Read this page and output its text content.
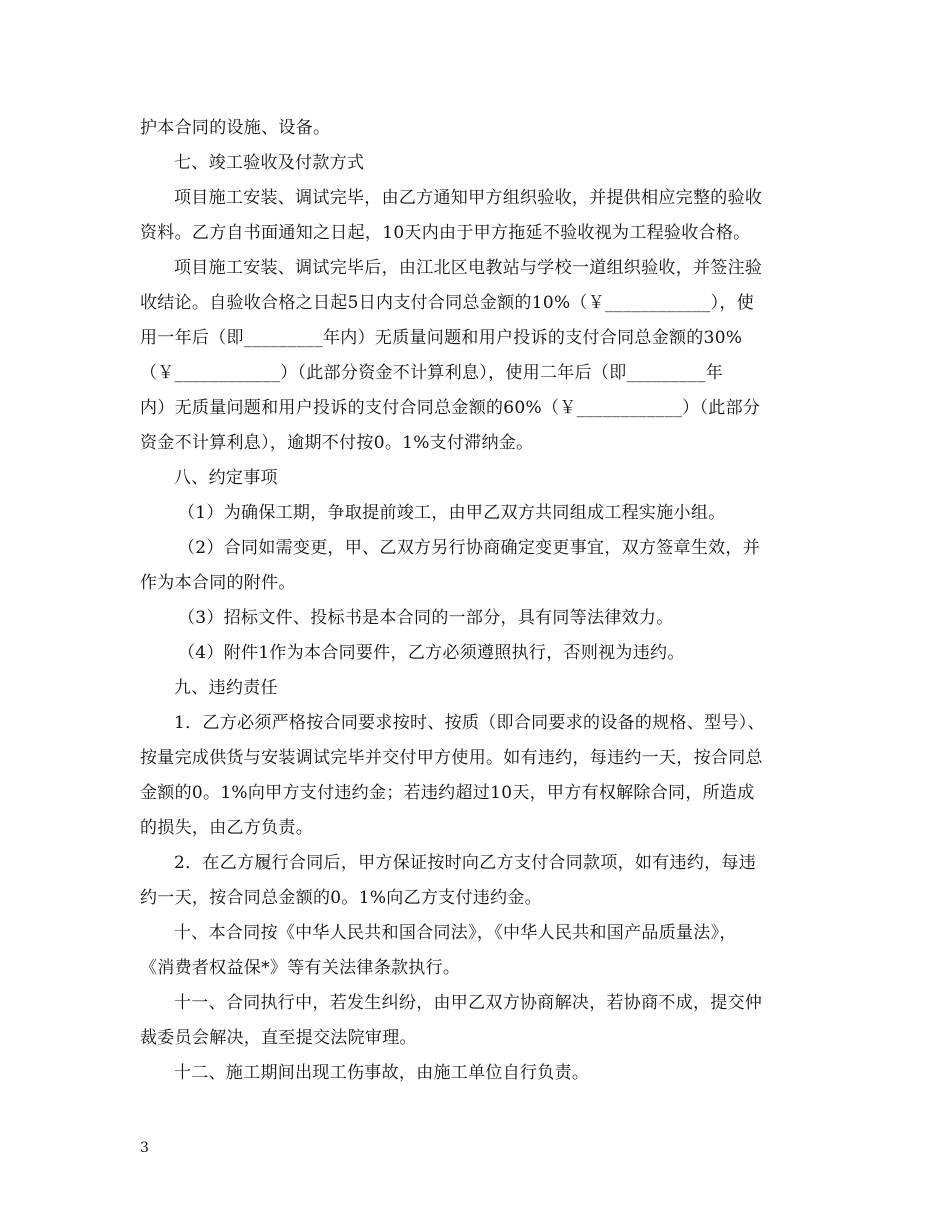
护本合同的设施、设备。
七、竣工验收及付款方式
项目施工安装、调试完毕，由乙方通知甲方组织验收，并提供相应完整的验收
资料。乙方自书面通知之日起，10天内由于甲方拖延不验收视为工程验收合格。
项目施工安装、调试完毕后，由江北区电教站与学校一道组织验收，并签注验
收结论。自验收合格之日起5日内支付合同总金额的10%（￥____________），使
用一年后（即_________年内）无质量问题和用户投诉的支付合同总金额的30%
（￥____________）（此部分资金不计算利息），使用二年后（即_________年
内）无质量问题和用户投诉的支付合同总金额的60%（￥____________）（此部分
资金不计算利息），逾期不付按0。1%支付滞纳金。
八、约定事项
（1）为确保工期，争取提前竣工，由甲乙双方共同组成工程实施小组。
（2）合同如需变更，甲、乙双方另行协商确定变更事宜，双方签章生效，并
作为本合同的附件。
（3）招标文件、投标书是本合同的一部分，具有同等法律效力。
（4）附件1作为本合同要件，乙方必须遵照执行，否则视为违约。
九、违约责任
1．乙方必须严格按合同要求按时、按质（即合同要求的设备的规格、型号）、
按量完成供货与安装调试完毕并交付甲方使用。如有违约，每违约一天，按合同总
金额的0。1%向甲方支付违约金；若违约超过10天，甲方有权解除合同，所造成
的损失，由乙方负责。
2．在乙方履行合同后，甲方保证按时向乙方支付合同款项，如有违约，每违
约一天，按合同总金额的0。1%向乙方支付违约金。
十、本合同按《中华人民共和国合同法》，《中华人民共和国产品质量法》，
《消费者权益保*》等有关法律条款执行。
十一、合同执行中，若发生纠纷，由甲乙双方协商解决，若协商不成，提交仲
裁委员会解决，直至提交法院审理。
十二、施工期间出现工伤事故，由施工单位自行负责。
3
